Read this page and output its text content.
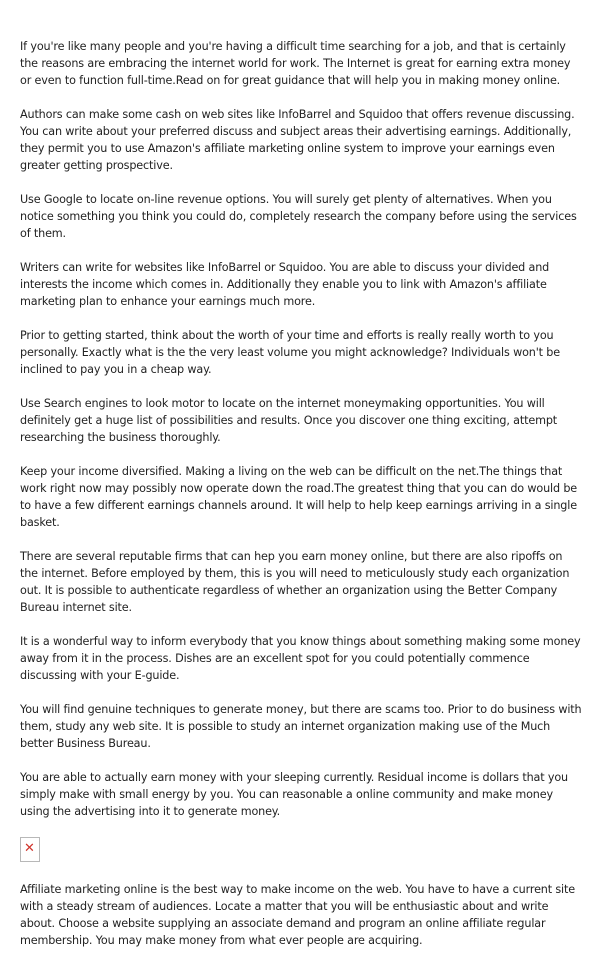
If you're like many people and you're having a difficult time searching for a job, and that is certainly the reasons are embracing the internet world for work. The Internet is great for earning extra money or even to function full-time.Read on for great guidance that will help you in making money online.

Authors can make some cash on web sites like InfoBarrel and Squidoo that offers revenue discussing. You can write about your preferred discuss and subject areas their advertising earnings. Additionally, they permit you to use Amazon's affiliate marketing online system to improve your earnings even greater getting prospective.

Use Google to locate on-line revenue options. You will surely get plenty of alternatives. When you notice something you think you could do, completely research the company before using the services of them.

Writers can write for websites like InfoBarrel or Squidoo. You are able to discuss your divided and interests the income which comes in. Additionally they enable you to link with Amazon's affiliate marketing plan to enhance your earnings much more.

Prior to getting started, think about the worth of your time and efforts is really really worth to you personally. Exactly what is the the very least volume you might acknowledge? Individuals won't be inclined to pay you in a cheap way.

Use Search engines to look motor to locate on the internet moneymaking opportunities. You will definitely get a huge list of possibilities and results. Once you discover one thing exciting, attempt researching the business thoroughly.

Keep your income diversified. Making a living on the web can be difficult on the net.The things that work right now may possibly now operate down the road.The greatest thing that you can do would be to have a few different earnings channels around. It will help to help keep earnings arriving in a single basket.

There are several reputable firms that can hep you earn money online, but there are also ripoffs on the internet. Before employed by them, this is you will need to meticulously study each organization out. It is possible to authenticate regardless of whether an organization using the Better Company Bureau internet site.

It is a wonderful way to inform everybody that you know things about something making some money away from it in the process. Dishes are an excellent spot for you could potentially commence discussing with your E-guide.

You will find genuine techniques to generate money, but there are scams too. Prior to do business with them, study any web site. It is possible to study an internet organization making use of the Much better Business Bureau.

You are able to actually earn money with your sleeping currently. Residual income is dollars that you simply make with small energy by you. You can reasonable a online community and make money using the advertising into it to generate money.

✕

Affiliate marketing online is the best way to make income on the web. You have to have a current site with a steady stream of audiences. Locate a matter that you will be enthusiastic about and write about. Choose a website supplying an associate demand and program an online affiliate regular membership. You may make money from what ever people are acquiring.
